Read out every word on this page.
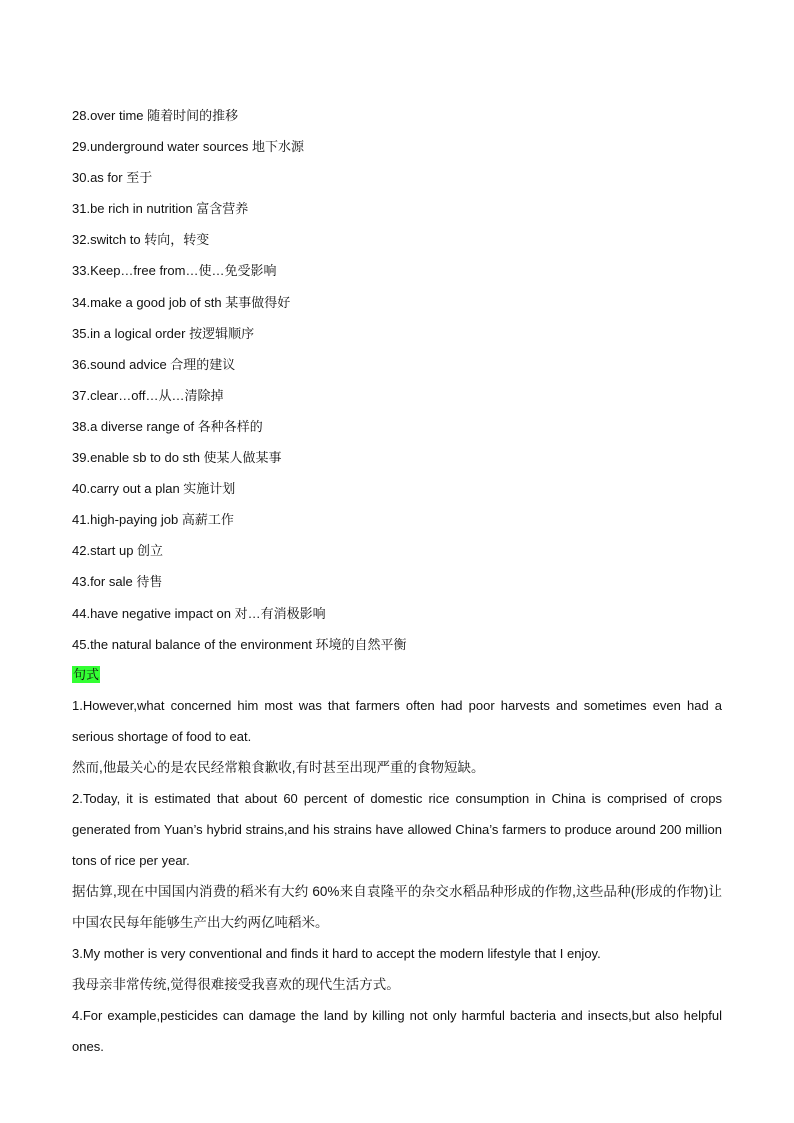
28.over time 随着时间的推移
29.underground water sources 地下水源
30.as for 至于
31.be rich in nutrition 富含营养
32.switch to 转向，转变
33.Keep…free from…使…免受影响
34.make a good job of sth 某事做得好
35.in a logical order 按逻辑顺序
36.sound advice 合理的建议
37.clear…off…从…清除掉
38.a diverse range of 各种各样的
39.enable sb to do sth 使某人做某事
40.carry out a plan 实施计划
41.high-paying job 高薪工作
42.start up 创立
43.for sale 待售
44.have negative impact on 对…有消极影响
45.the natural balance of the environment 环境的自然平衡
句式
1.However,what concerned him most was that farmers often had poor harvests and sometimes even had a serious shortage of food to eat.
然而,他最关心的是农民经常粮食歉收,有时甚至出现严重的食物短缺。
2.Today, it is estimated that about 60 percent of domestic rice consumption in China is comprised of crops generated from Yuan’s hybrid strains,and his strains have allowed China’s farmers to produce around 200 million tons of rice per year.
据估算,现在中国国内消费的稻米有大约 60%来自袁隆平的杂交水稻品种形成的作物,这些品种(形成的作物)让中国农民每年能够生产出大约两亿吨稻米。
3.My mother is very conventional and finds it hard to accept the modern lifestyle that I enjoy.
我母亲非常传统,觉得很难接受我喜欢的现代生活方式。
4.For example,pesticides can damage the land by killing not only harmful bacteria and insects,but also helpful ones.
